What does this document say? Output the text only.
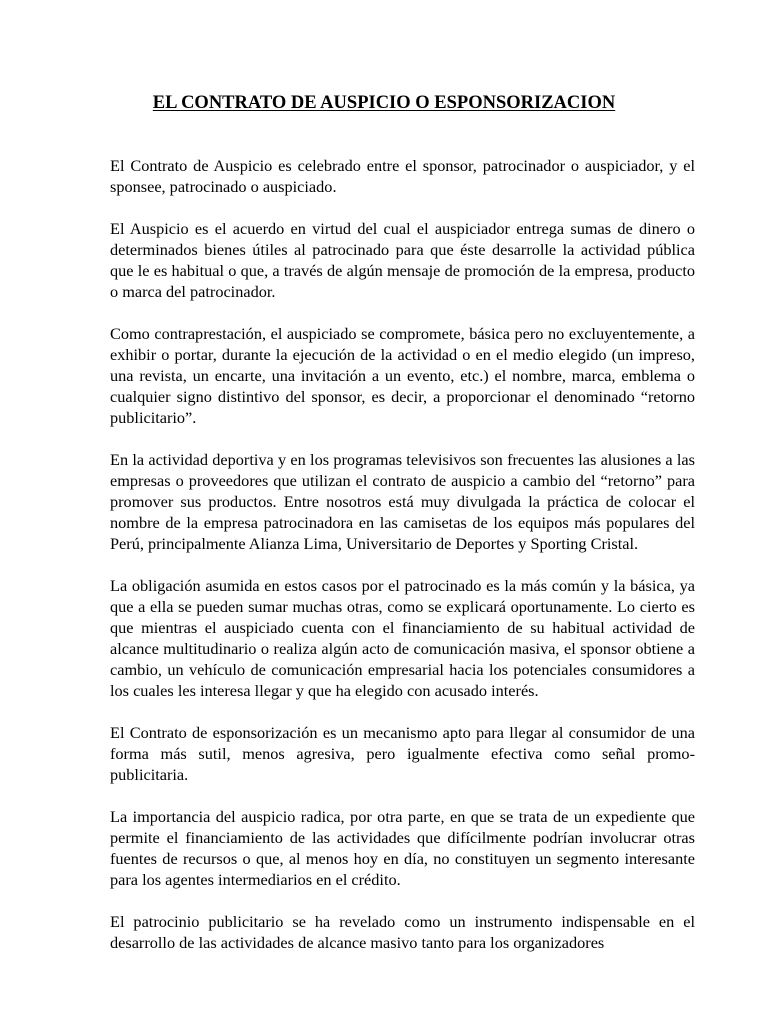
EL CONTRATO DE AUSPICIO O ESPONSORIZACION

El Contrato de Auspicio es celebrado entre el sponsor, patrocinador o auspiciador, y el sponsee, patrocinado o auspiciado.

El Auspicio es el acuerdo en virtud del cual el auspiciador entrega sumas de dinero o determinados bienes útiles al patrocinado para que éste desarrolle la actividad pública que le es habitual o que, a través de algún mensaje de promoción de la empresa, producto o marca del patrocinador.

Como contraprestación, el auspiciado se compromete, básica pero no excluyentemente, a exhibir o portar, durante la ejecución de la actividad o en el medio elegido (un impreso, una revista, un encarte, una invitación a un evento, etc.) el nombre, marca, emblema o cualquier signo distintivo del sponsor, es decir, a proporcionar el denominado “retorno publicitario”.

En la actividad deportiva y en los programas televisivos son frecuentes las alusiones a las empresas o proveedores que utilizan el contrato de auspicio a cambio del “retorno” para promover sus productos. Entre nosotros está muy divulgada la práctica de colocar el nombre de la empresa patrocinadora en las camisetas de los equipos más populares del Perú, principalmente Alianza Lima, Universitario de Deportes y Sporting Cristal.

La obligación asumida en estos casos por el patrocinado es la más común y la básica, ya que a ella se pueden sumar muchas otras, como se explicará oportunamente. Lo cierto es que mientras el auspiciado cuenta con el financiamiento de su habitual actividad de alcance multitudinario o realiza algún acto de comunicación masiva, el sponsor obtiene a cambio, un vehículo de comunicación empresarial hacia los potenciales consumidores a los cuales les interesa llegar y que ha elegido con acusado interés.

El Contrato de esponsorización es un mecanismo apto para llegar al consumidor de una forma más sutil, menos agresiva, pero igualmente efectiva como señal promo-publicitaria.

La importancia del auspicio radica, por otra parte, en que se trata de un expediente que permite el financiamiento de las actividades que difícilmente podrían involucrar otras fuentes de recursos o que, al menos hoy en día, no constituyen un segmento interesante para los agentes intermediarios en el crédito.

El patrocinio publicitario se ha revelado como un instrumento indispensable en el desarrollo de las actividades de alcance masivo tanto para los organizadores
